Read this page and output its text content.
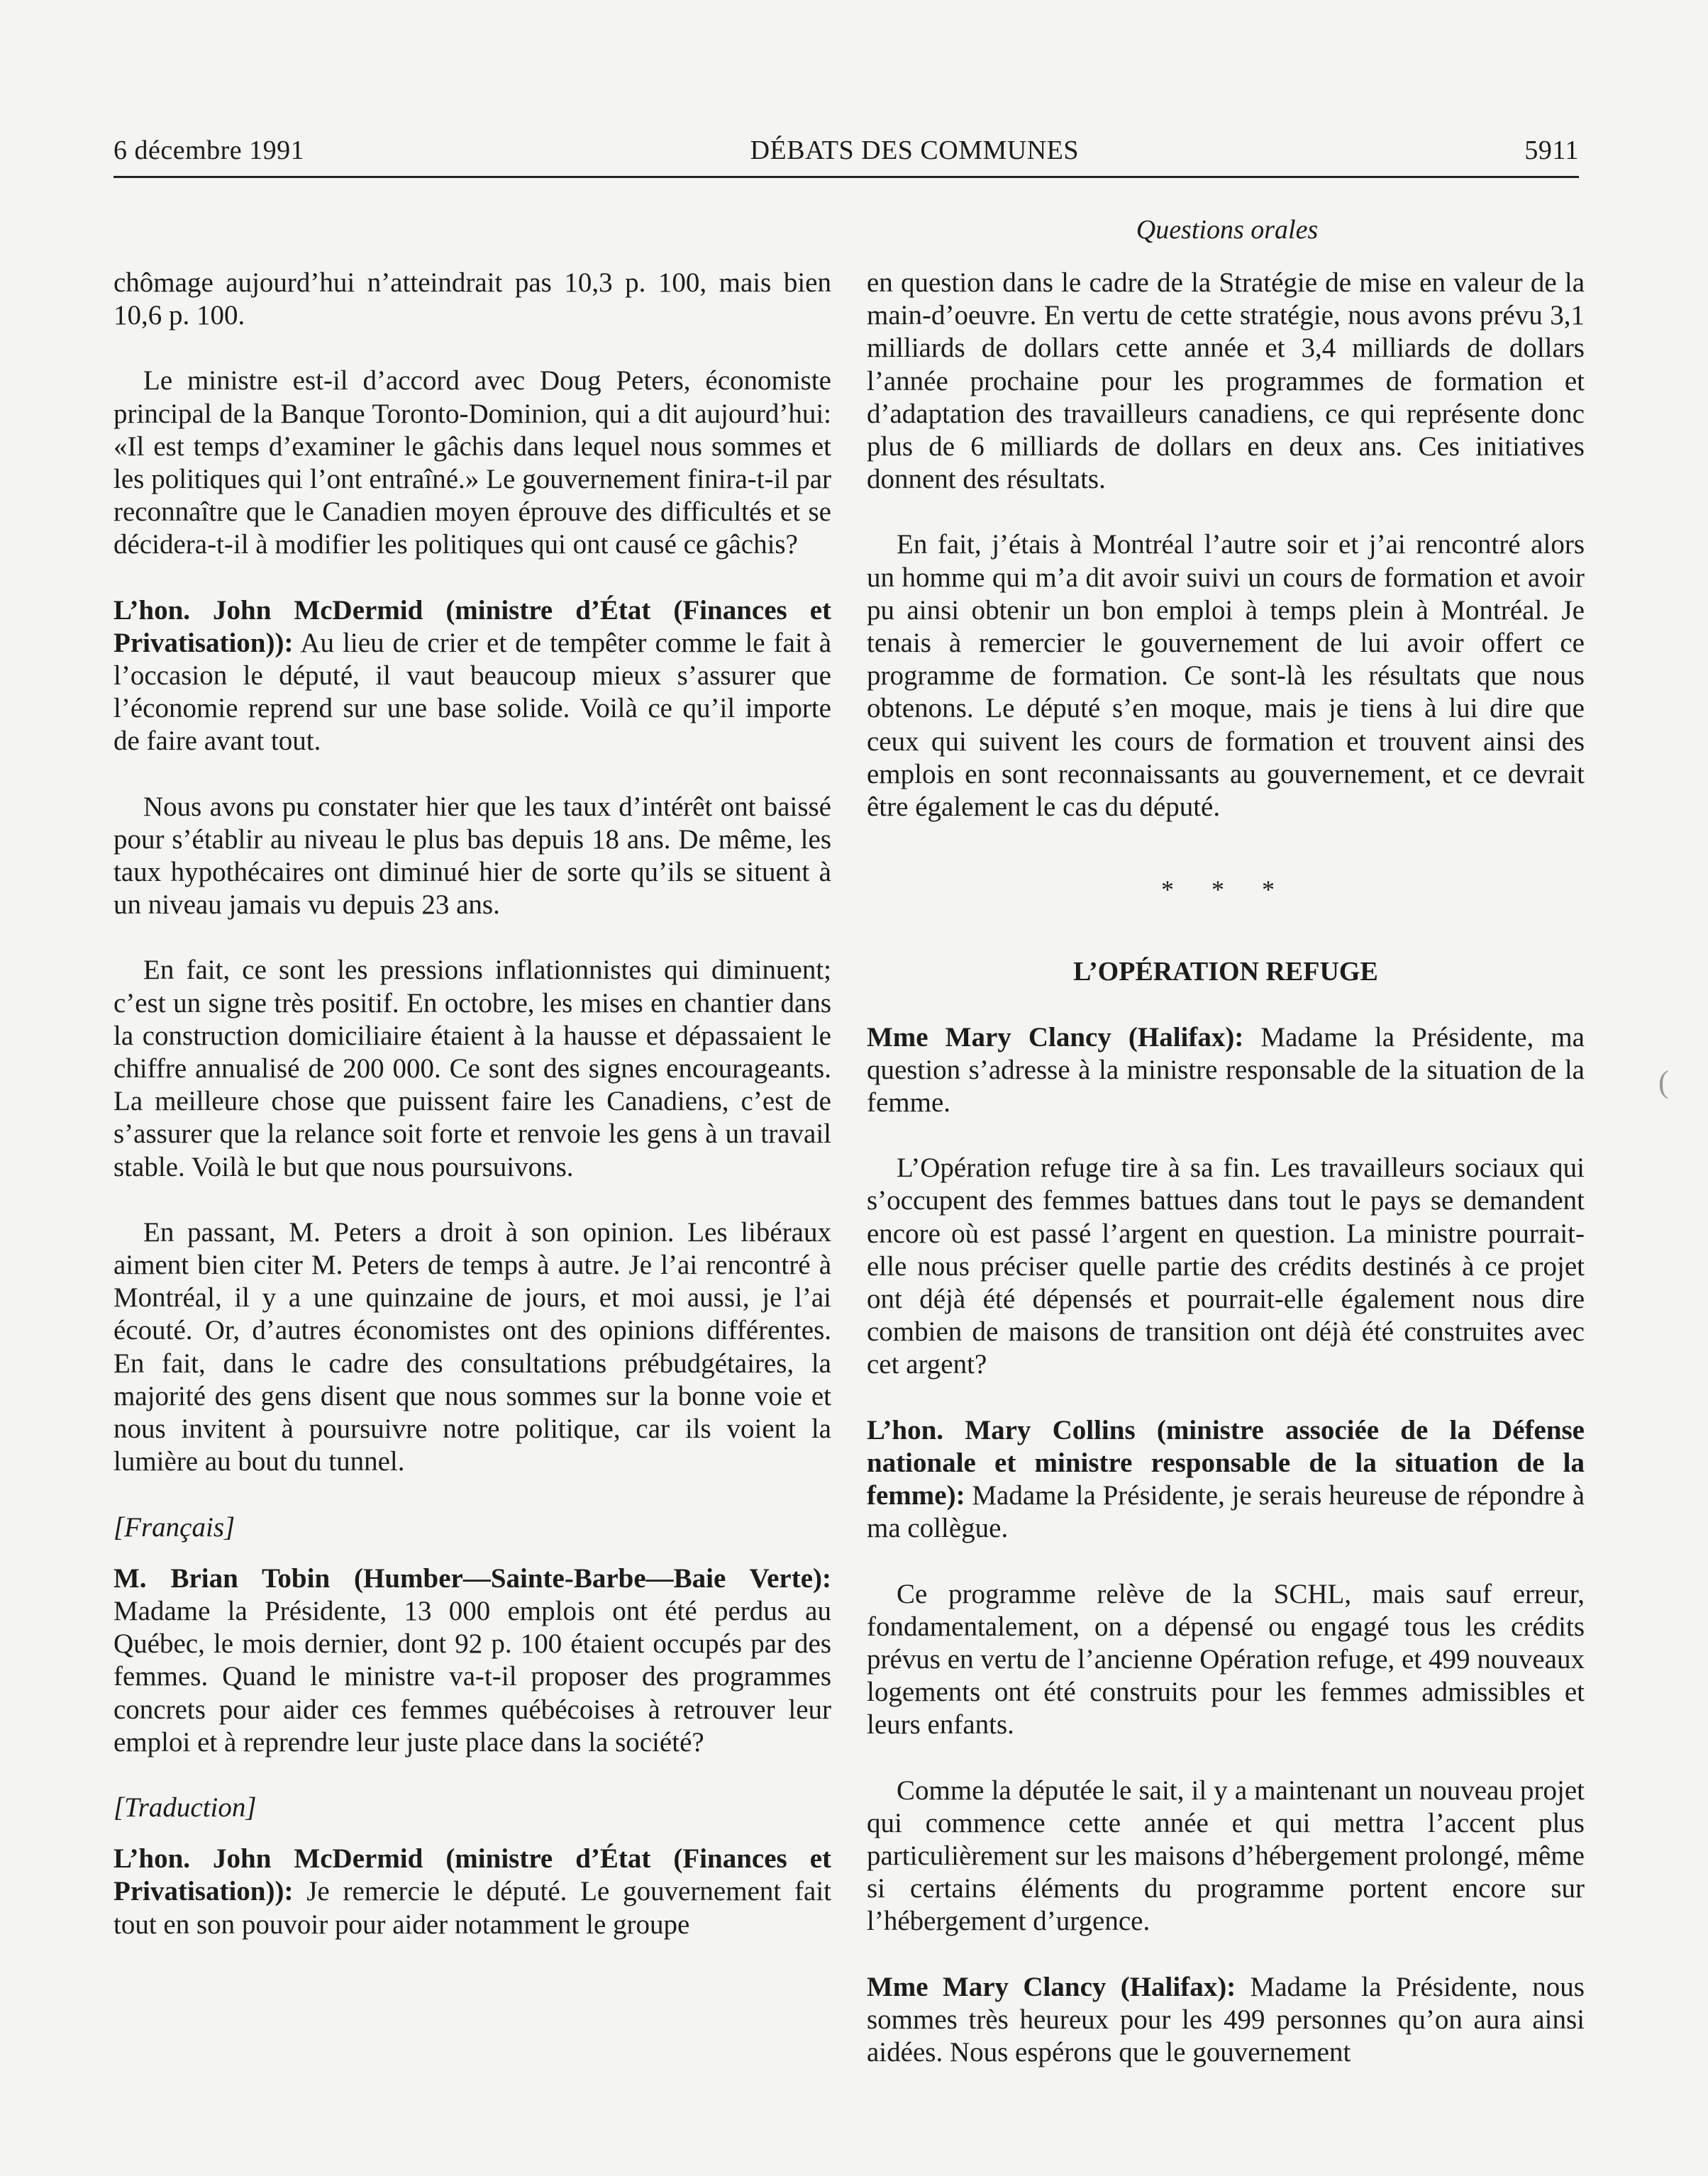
6 décembre 1991	DÉBATS DES COMMUNES	5911
Questions orales

chômage aujourd’hui n’atteindrait pas 10,3 p. 100, mais bien 10,6 p. 100.

Le ministre est-il d’accord avec Doug Peters, économiste principal de la Banque Toronto-Dominion, qui a dit aujourd’hui: «Il est temps d’examiner le gâchis dans lequel nous sommes et les politiques qui l’ont entraîné.» Le gouvernement finira-t-il par reconnaître que le Canadien moyen éprouve des difficultés et se décidera-t-il à modifier les politiques qui ont causé ce gâchis?

L’hon. John McDermid (ministre d’État (Finances et Privatisation)): Au lieu de crier et de tempêter comme le fait à l’occasion le député, il vaut beaucoup mieux s’assurer que l’économie reprend sur une base solide. Voilà ce qu’il importe de faire avant tout.

Nous avons pu constater hier que les taux d’intérêt ont baissé pour s’établir au niveau le plus bas depuis 18 ans. De même, les taux hypothécaires ont diminué hier de sorte qu’ils se situent à un niveau jamais vu depuis 23 ans.

En fait, ce sont les pressions inflationnistes qui diminuent; c’est un signe très positif. En octobre, les mises en chantier dans la construction domiciliaire étaient à la hausse et dépassaient le chiffre annualisé de 200 000. Ce sont des signes encourageants. La meilleure chose que puissent faire les Canadiens, c’est de s’assurer que la relance soit forte et renvoie les gens à un travail stable. Voilà le but que nous poursuivons.

En passant, M. Peters a droit à son opinion. Les libéraux aiment bien citer M. Peters de temps à autre. Je l’ai rencontré à Montréal, il y a une quinzaine de jours, et moi aussi, je l’ai écouté. Or, d’autres économistes ont des opinions différentes. En fait, dans le cadre des consultations prébudgétaires, la majorité des gens disent que nous sommes sur la bonne voie et nous invitent à poursuivre notre politique, car ils voient la lumière au bout du tunnel.

[Français]

M. Brian Tobin (Humber—Sainte-Barbe—Baie Verte): Madame la Présidente, 13 000 emplois ont été perdus au Québec, le mois dernier, dont 92 p. 100 étaient occupés par des femmes. Quand le ministre va-t-il proposer des programmes concrets pour aider ces femmes québécoises à retrouver leur emploi et à reprendre leur juste place dans la société?

[Traduction]

L’hon. John McDermid (ministre d’État (Finances et Privatisation)): Je remercie le député. Le gouvernement fait tout en son pouvoir pour aider notamment le groupe

en question dans le cadre de la Stratégie de mise en valeur de la main-d’oeuvre. En vertu de cette stratégie, nous avons prévu 3,1 milliards de dollars cette année et 3,4 milliards de dollars l’année prochaine pour les programmes de formation et d’adaptation des travailleurs canadiens, ce qui représente donc plus de 6 milliards de dollars en deux ans. Ces initiatives donnent des résultats.

En fait, j’étais à Montréal l’autre soir et j’ai rencontré alors un homme qui m’a dit avoir suivi un cours de formation et avoir pu ainsi obtenir un bon emploi à temps plein à Montréal. Je tenais à remercier le gouvernement de lui avoir offert ce programme de formation. Ce sont-là les résultats que nous obtenons. Le député s’en moque, mais je tiens à lui dire que ceux qui suivent les cours de formation et trouvent ainsi des emplois en sont reconnaissants au gouvernement, et ce devrait être également le cas du député.

* * *
L’OPÉRATION REFUGE

Mme Mary Clancy (Halifax): Madame la Présidente, ma question s’adresse à la ministre responsable de la situation de la femme.

L’Opération refuge tire à sa fin. Les travailleurs sociaux qui s’occupent des femmes battues dans tout le pays se demandent encore où est passé l’argent en question. La ministre pourrait-elle nous préciser quelle partie des crédits destinés à ce projet ont déjà été dépensés et pourrait-elle également nous dire combien de maisons de transition ont déjà été construites avec cet argent?

L’hon. Mary Collins (ministre associée de la Défense nationale et ministre responsable de la situation de la femme): Madame la Présidente, je serais heureuse de répondre à ma collègue.

Ce programme relève de la SCHL, mais sauf erreur, fondamentalement, on a dépensé ou engagé tous les crédits prévus en vertu de l’ancienne Opération refuge, et 499 nouveaux logements ont été construits pour les femmes admissibles et leurs enfants.

Comme la députée le sait, il y a maintenant un nouveau projet qui commence cette année et qui mettra l’accent plus particulièrement sur les maisons d’hébergement prolongé, même si certains éléments du programme portent encore sur l’hébergement d’urgence.

Mme Mary Clancy (Halifax): Madame la Présidente, nous sommes très heureux pour les 499 personnes qu’on aura ainsi aidées. Nous espérons que le gouvernement

(
